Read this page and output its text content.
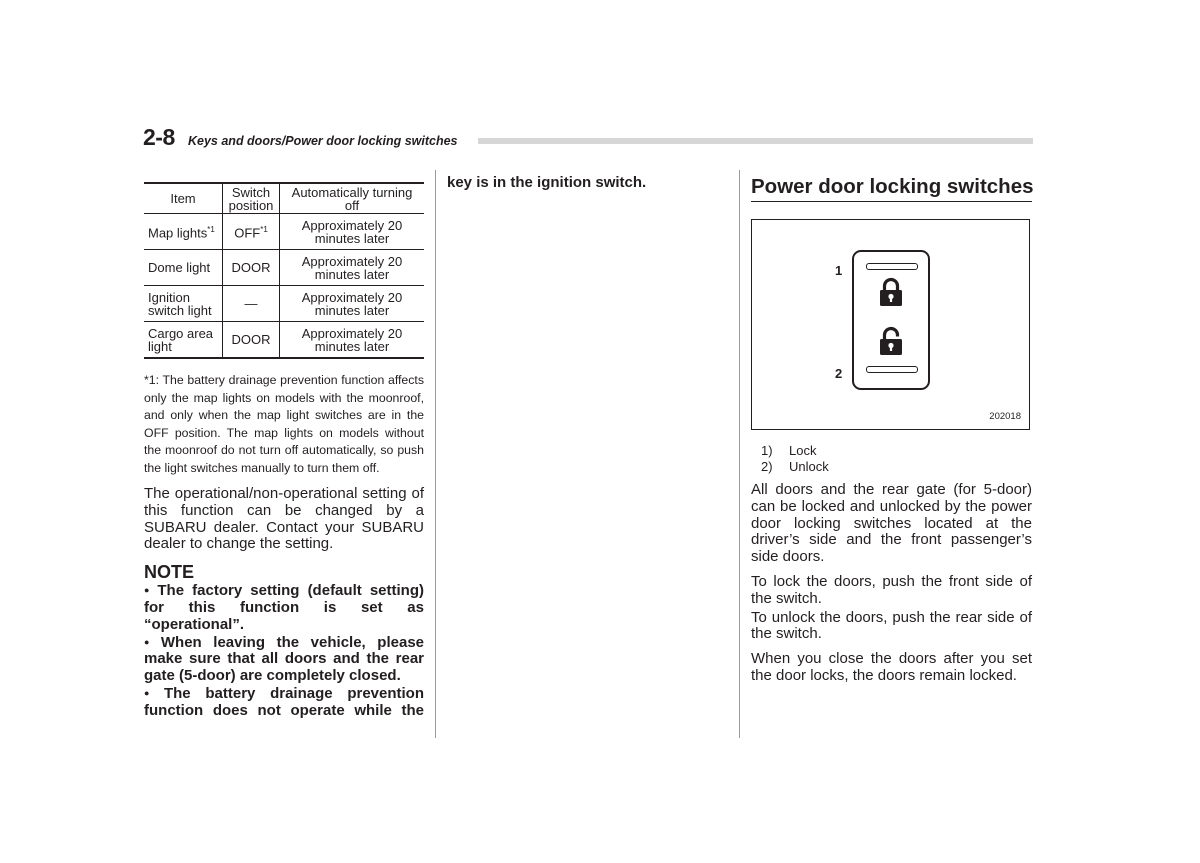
2-8 Keys and doors/Power door locking switches
Item	Switch position	Automatically turning off
Map lights$^{*1}$	OFF$^{*1}$	Approximately 20 minutes later
Dome light	DOOR	Approximately 20 minutes later
Ignition switch light	—	Approximately 20 minutes later
Cargo area light	DOOR	Approximately 20 minutes later
*1: The battery drainage prevention function affects only the map lights on models with the moonroof, and only when the map light switches are in the OFF position. The map lights on models without the moonroof do not turn off automatically, so push the light switches manually to turn them off.

The operational/non-operational setting of this function can be changed by a SUBARU dealer. Contact your SUBARU dealer to change the setting.

NOTE

● The factory setting (default setting) for this function is set as “operational”.

● When leaving the vehicle, please make sure that all doors and the rear gate (5-door) are completely closed.

● The battery drainage prevention function does not operate while the

key is in the ignition switch.	Power door locking switches
1
2
202018
1) Lock
2) Unlock

All doors and the rear gate (for 5-door) can be locked and unlocked by the power door locking switches located at the driver’s side and the front passenger’s side doors.

To lock the doors, push the front side of the switch.

To unlock the doors, push the rear side of the switch.

When you close the doors after you set the door locks, the doors remain locked.
